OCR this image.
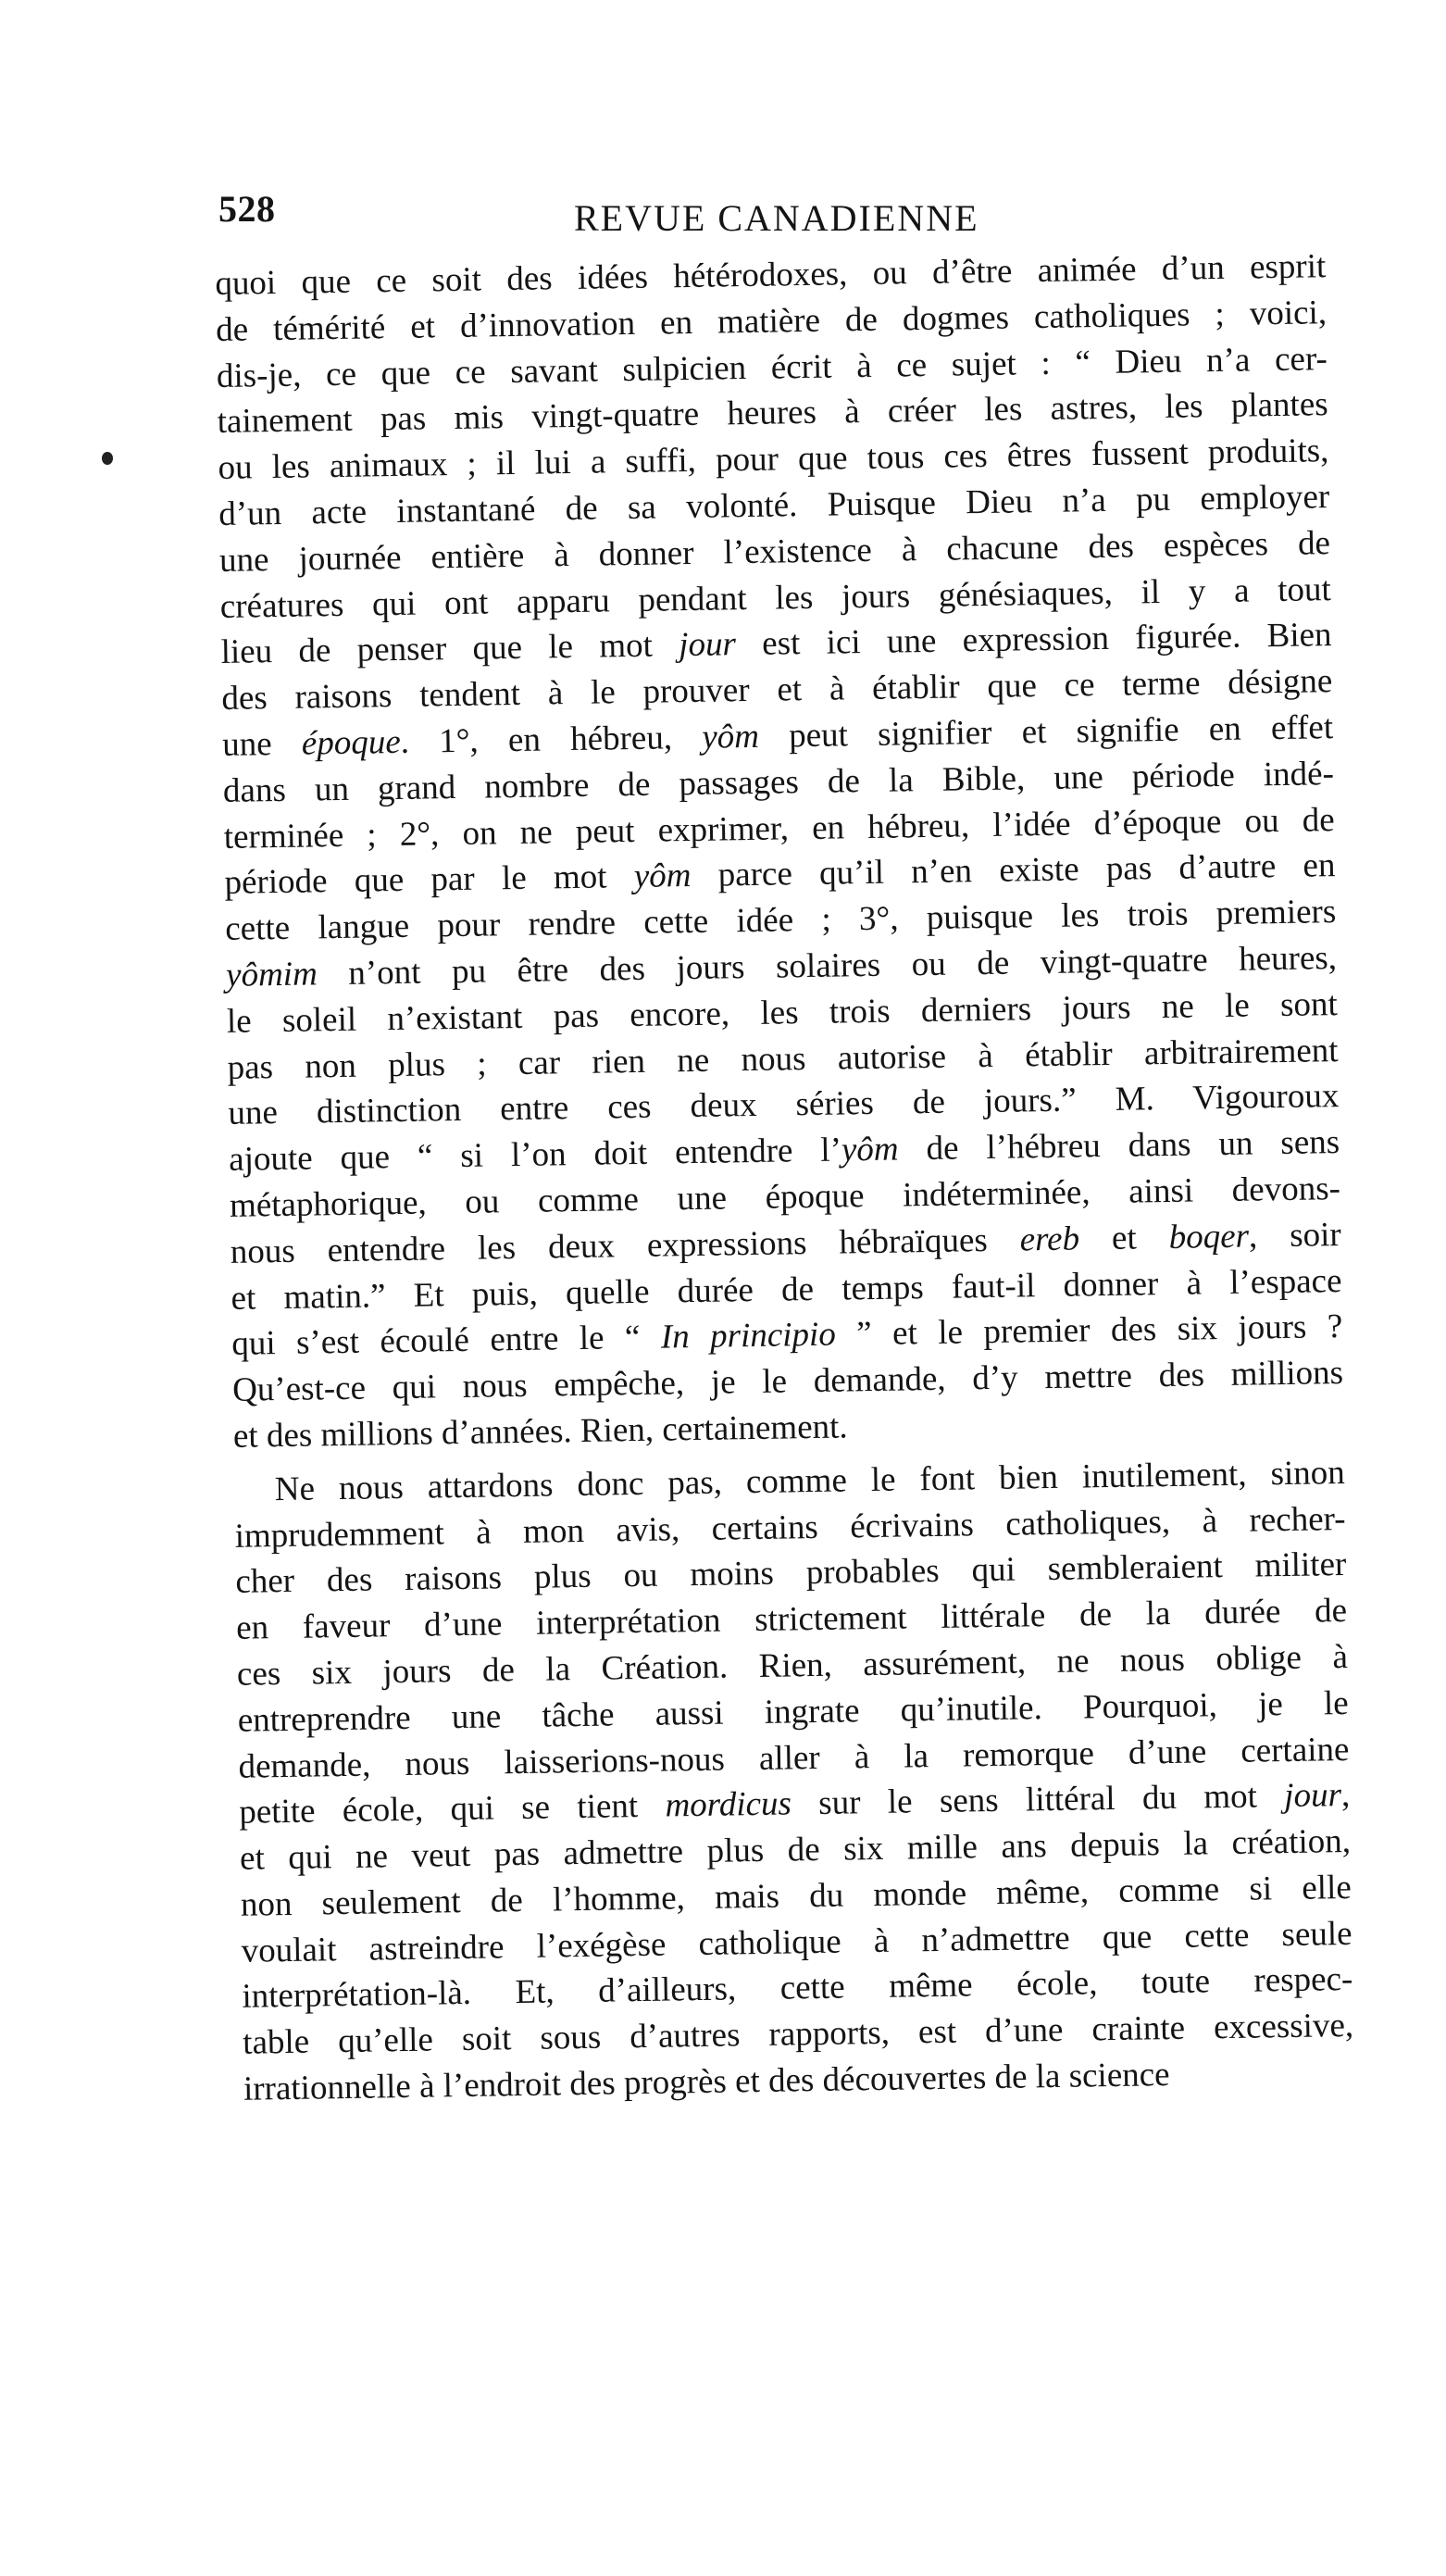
528	REVUE CANADIENNE
quoi que ce soit des idées hétérodoxes, ou d’être animée d’un esprit
de témérité et d’innovation en matière de dogmes catholiques ; voici,
dis-je, ce que ce savant sulpicien écrit à ce sujet : “ Dieu n’a cer-
tainement pas mis vingt-quatre heures à créer les astres, les plantes
ou les animaux ; il lui a suffi, pour que tous ces êtres fussent produits,
d’un acte instantané de sa volonté. Puisque Dieu n’a pu employer
une journée entière à donner l’existence à chacune des espèces de
créatures qui ont apparu pendant les jours génésiaques, il y a tout
lieu de penser que le mot jour est ici une expression figurée. Bien
des raisons tendent à le prouver et à établir que ce terme désigne
une époque. 1°, en hébreu, yôm peut signifier et signifie en effet
dans un grand nombre de passages de la Bible, une période indé-
terminée ; 2°, on ne peut exprimer, en hébreu, l’idée d’époque ou de
période que par le mot yôm parce qu’il n’en existe pas d’autre en
cette langue pour rendre cette idée ; 3°, puisque les trois premiers
yômim n’ont pu être des jours solaires ou de vingt-quatre heures,
le soleil n’existant pas encore, les trois derniers jours ne le sont
pas non plus ; car rien ne nous autorise à établir arbitrairement
une distinction entre ces deux séries de jours.” M. Vigouroux
ajoute que “ si l’on doit entendre l’yôm de l’hébreu dans un sens
métaphorique, ou comme une époque indéterminée, ainsi devons-
nous entendre les deux expressions hébraïques ereb et boqer, soir
et matin.” Et puis, quelle durée de temps faut-il donner à l’espace
qui s’est écoulé entre le “ In principio ” et le premier des six jours ?
Qu’est-ce qui nous empêche, je le demande, d’y mettre des millions
et des millions d’années. Rien, certainement.
Ne nous attardons donc pas, comme le font bien inutilement, sinon
imprudemment à mon avis, certains écrivains catholiques, à recher-
cher des raisons plus ou moins probables qui sembleraient militer
en faveur d’une interprétation strictement littérale de la durée de
ces six jours de la Création. Rien, assurément, ne nous oblige à
entreprendre une tâche aussi ingrate qu’inutile. Pourquoi, je le
demande, nous laisserions-nous aller à la remorque d’une certaine
petite école, qui se tient mordicus sur le sens littéral du mot jour,
et qui ne veut pas admettre plus de six mille ans depuis la création,
non seulement de l’homme, mais du monde même, comme si elle
voulait astreindre l’exégèse catholique à n’admettre que cette seule
interprétation-là. Et, d’ailleurs, cette même école, toute respec-
table qu’elle soit sous d’autres rapports, est d’une crainte excessive,
irrationnelle à l’endroit des progrès et des découvertes de la science
